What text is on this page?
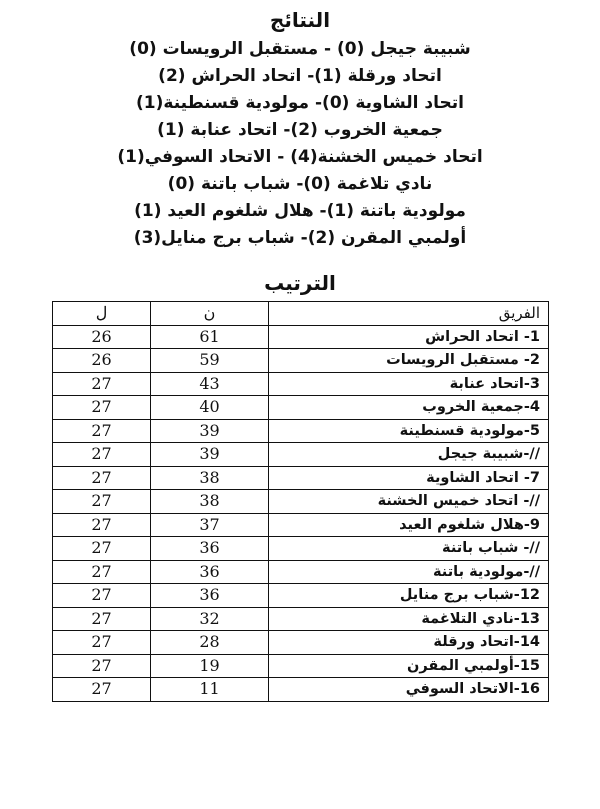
النتائج
شبيبة جيجل (0) - مستقبل الرويسات (0)
اتحاد ورقلة (1)- اتحاد الحراش (2)
اتحاد الشاوية (0)- مولودية قسنطينة(1)
جمعية الخروب (2)- اتحاد عنابة (1)
اتحاد خميس الخشنة(4) - الاتحاد السوفي(1)
نادي تلاغمة (0)- شباب باتنة (0)
مولودية باتنة (1)- هلال شلغوم العيد (1)
أولمبي المقرن (2)- شباب برج منايل(3)
الترتيب
ل	ن	الفريق
26	61	1- اتحاد الحراش
26	59	2- مستقبل الرويسات
27	43	3-اتحاد عنابة
27	40	4-جمعية الخروب
27	39	5-مولودية قسنطينة
27	39	//-شبيبة جيجل
27	38	7- اتحاد الشاوية
27	38	//- اتحاد خميس الخشنة
27	37	9-هلال شلغوم العيد
27	36	//- شباب باتنة
27	36	//-مولودية باتنة
27	36	12-شباب برج منايل
27	32	13-نادي التلاغمة
27	28	14-اتحاد ورقلة
27	19	15-أولمبي المقرن
27	11	16-الاتحاد السوفي
